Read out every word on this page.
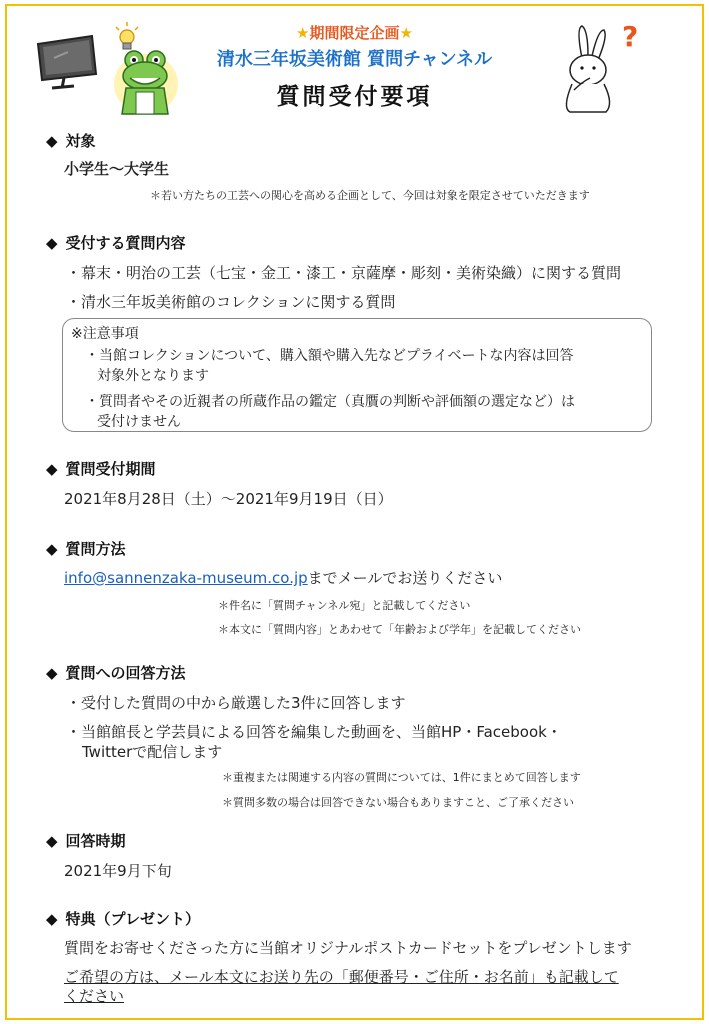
?
★期間限定企画★
清水三年坂美術館 質問チャンネル
質問受付要項
◆ 対象
小学生〜大学生
＊若い方たちの工芸への関心を高める企画として、今回は対象を限定させていただきます
◆ 受付する質問内容
・幕末・明治の工芸（七宝・金工・漆工・京薩摩・彫刻・美術染織）に関する質問
・清水三年坂美術館のコレクションに関する質問
※注意事項
・当館コレクションについて、購入額や購入先などプライベートな内容は回答
対象外となります
・質問者やその近親者の所蔵作品の鑑定（真贋の判断や評価額の選定など）は
受付けません
◆ 質問受付期間
2021年8月28日（土）〜2021年9月19日（日）
◆ 質問方法
info@sannenzaka-museum.co.jpまでメールでお送りください
＊件名に「質問チャンネル宛」と記載してください
＊本文に「質問内容」とあわせて「年齢および学年」を記載してください
◆ 質問への回答方法
・受付した質問の中から厳選した3件に回答します
・当館館長と学芸員による回答を編集した動画を、当館HP・Facebook・
Twitterで配信します
＊重複または関連する内容の質問については、1件にまとめて回答します
＊質問多数の場合は回答できない場合もありますこと、ご了承ください
◆ 回答時期
2021年9月下旬
◆ 特典（プレゼント）
質問をお寄せくださった方に当館オリジナルポストカードセットをプレゼントします
ご希望の方は、メール本文にお送り先の「郵便番号・ご住所・お名前」も記載して
ください
